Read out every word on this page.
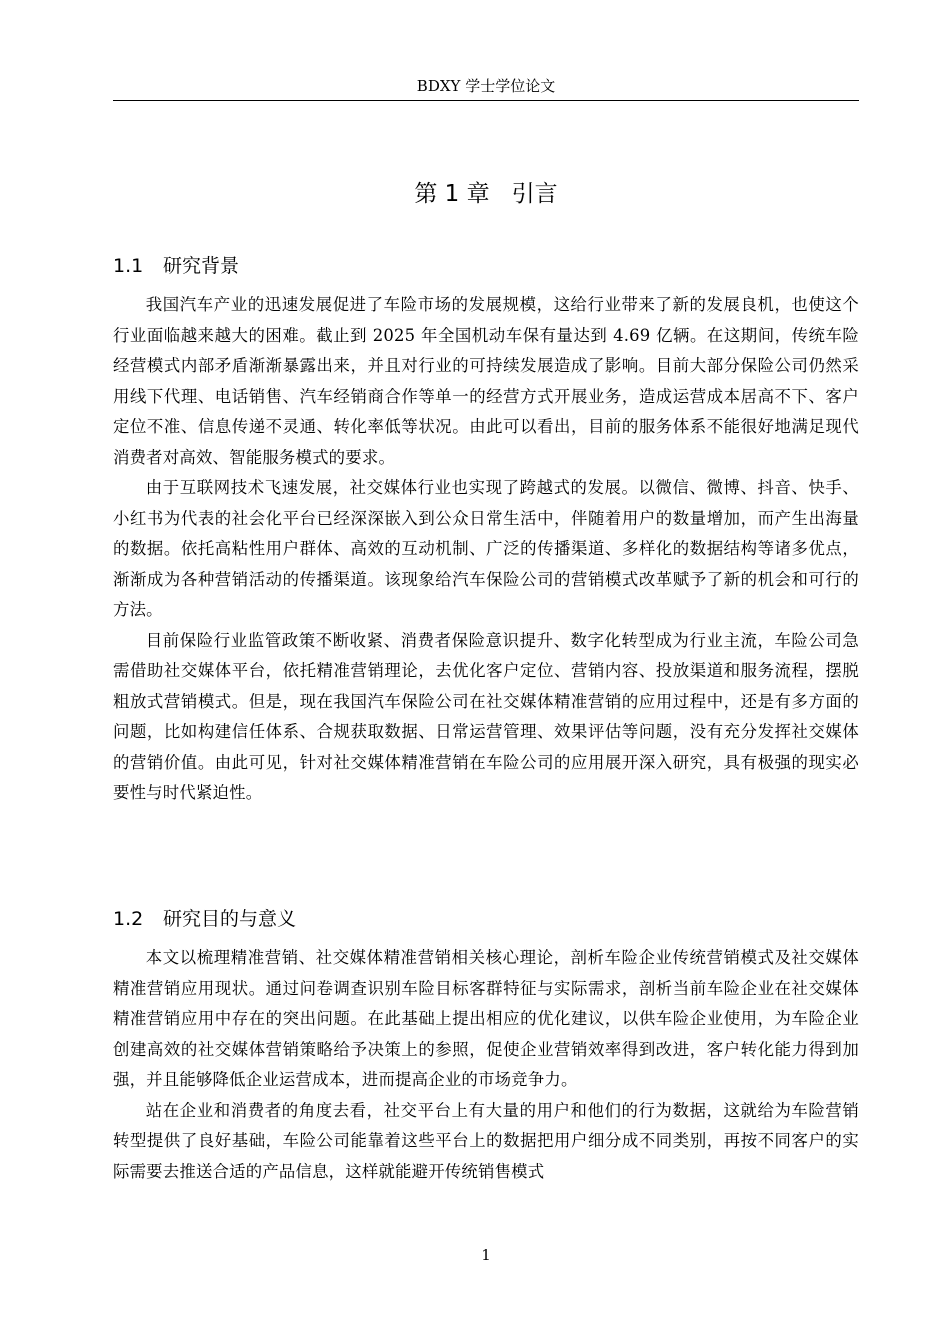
BDXY 学士学位论文
第 1 章 引言
1.1 研究背景

我国汽车产业的迅速发展促进了车险市场的发展规模，这给行业带来了新的发展良机，也使这个行业面临越来越大的困难。截止到 2025 年全国机动车保有量达到 4.69 亿辆。在这期间，传统车险经营模式内部矛盾渐渐暴露出来，并且对行业的可持续发展造成了影响。目前大部分保险公司仍然采用线下代理、电话销售、汽车经销商合作等单一的经营方式开展业务，造成运营成本居高不下、客户定位不准、信息传递不灵通、转化率低等状况。由此可以看出，目前的服务体系不能很好地满足现代消费者对高效、智能服务模式的要求。

由于互联网技术飞速发展，社交媒体行业也实现了跨越式的发展。以微信、微博、抖音、快手、小红书为代表的社会化平台已经深深嵌入到公众日常生活中，伴随着用户的数量增加，而产生出海量的数据。依托高粘性用户群体、高效的互动机制、广泛的传播渠道、多样化的数据结构等诸多优点，渐渐成为各种营销活动的传播渠道。该现象给汽车保险公司的营销模式改革赋予了新的机会和可行的方法。

目前保险行业监管政策不断收紧、消费者保险意识提升、数字化转型成为行业主流，车险公司急需借助社交媒体平台，依托精准营销理论，去优化客户定位、营销内容、投放渠道和服务流程，摆脱粗放式营销模式。但是，现在我国汽车保险公司在社交媒体精准营销的应用过程中，还是有多方面的问题，比如构建信任体系、合规获取数据、日常运营管理、效果评估等问题，没有充分发挥社交媒体的营销价值。由此可见，针对社交媒体精准营销在车险公司的应用展开深入研究，具有极强的现实必要性与时代紧迫性。

1.2 研究目的与意义

本文以梳理精准营销、社交媒体精准营销相关核心理论，剖析车险企业传统营销模式及社交媒体精准营销应用现状。通过问卷调查识别车险目标客群特征与实际需求，剖析当前车险企业在社交媒体精准营销应用中存在的突出问题。在此基础上提出相应的优化建议，以供车险企业使用，为车险企业创建高效的社交媒体营销策略给予决策上的参照，促使企业营销效率得到改进，客户转化能力得到加强，并且能够降低企业运营成本，进而提高企业的市场竞争力。

站在企业和消费者的角度去看，社交平台上有大量的用户和他们的行为数据，这就给为车险营销转型提供了良好基础，车险公司能靠着这些平台上的数据把用户细分成不同类别，再按不同客户的实际需要去推送合适的产品信息，这样就能避开传统销售模式

1
